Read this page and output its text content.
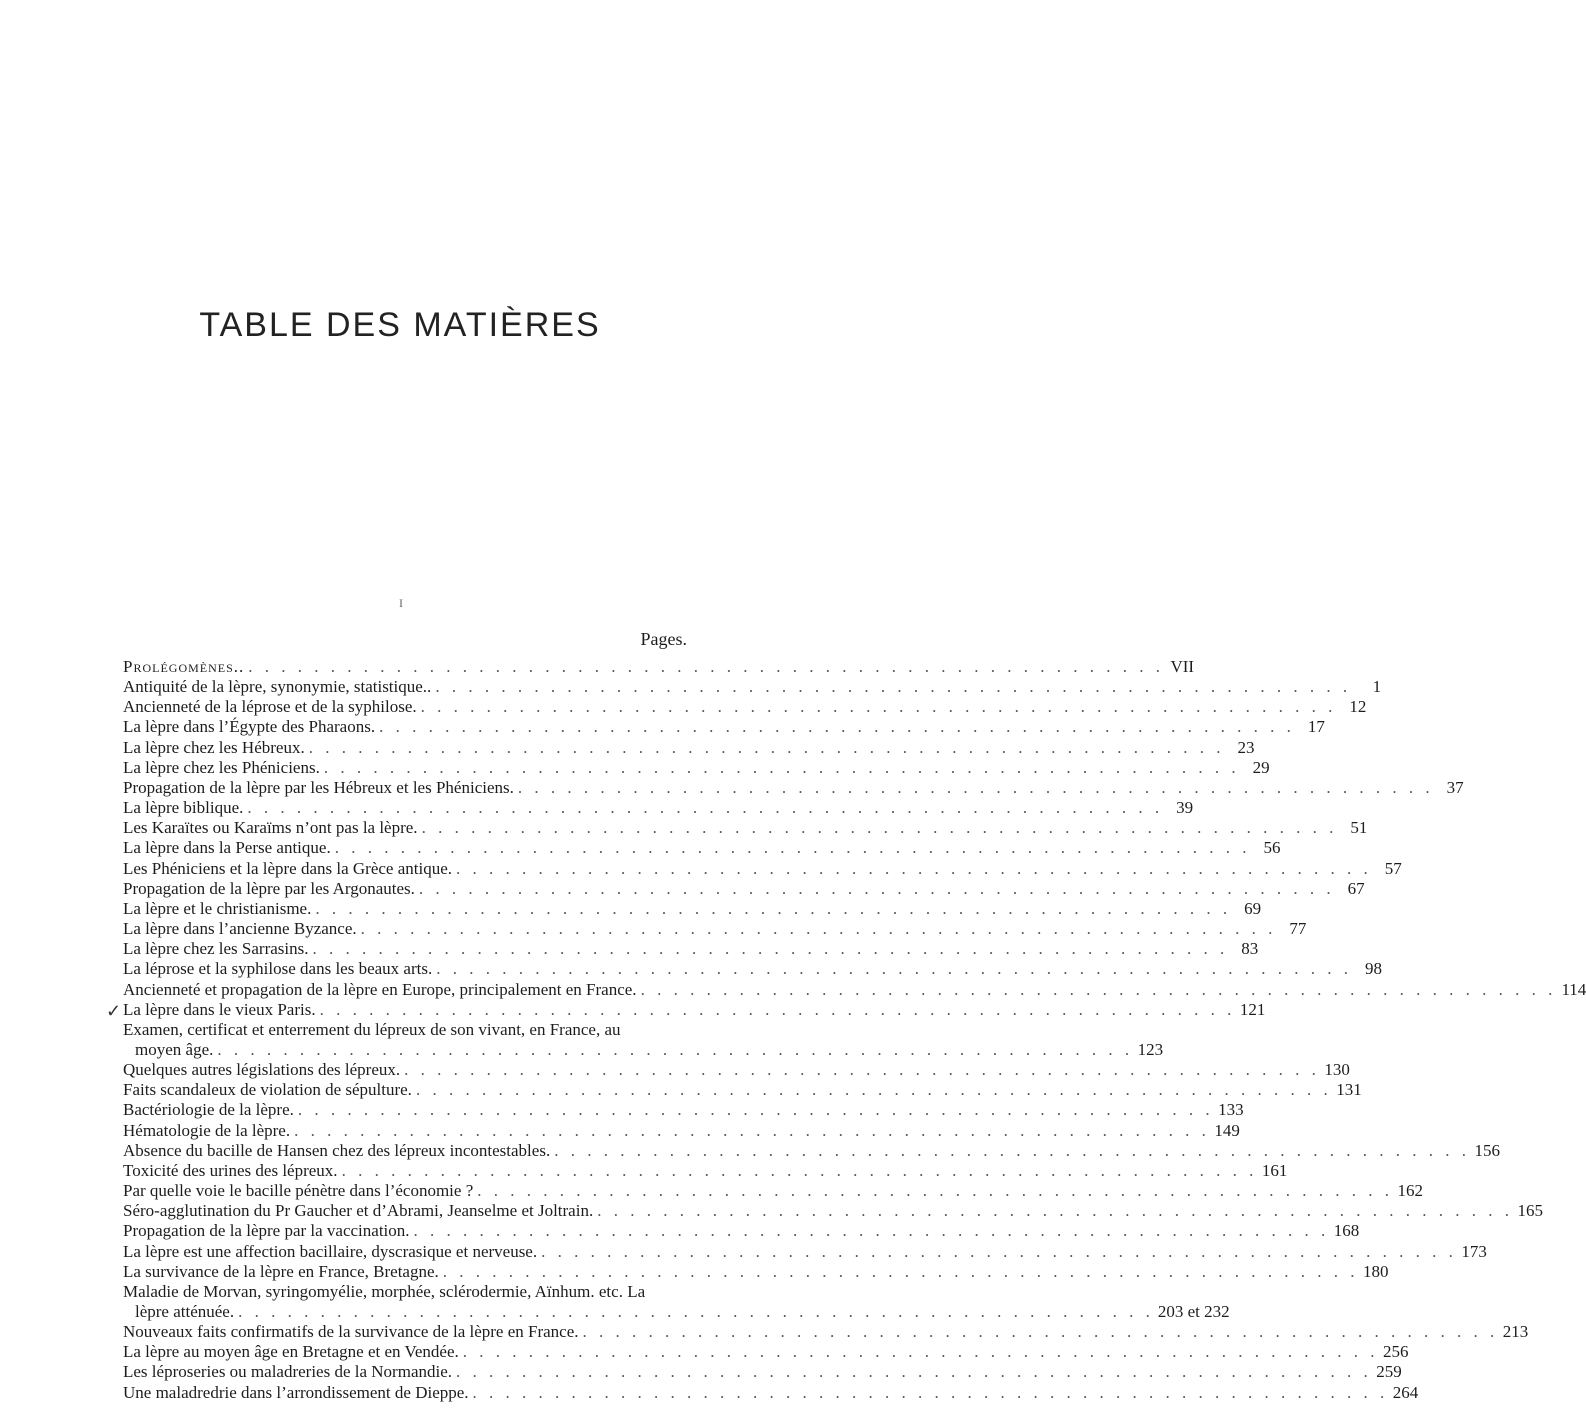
TABLE DES MATIÈRES
I
Pages.
✓
Prolégomènes.. . . .	VII
Antiquité de la lèpre, synonymie, statistique.. . . .	1
Ancienneté de la léprose et de la syphilose. . . .	12
La lèpre dans l’Égypte des Pharaons. . . .	17
La lèpre chez les Hébreux. . . .	23
La lèpre chez les Phéniciens. . . .	29
Propagation de la lèpre par les Hébreux et les Phéniciens. . . .	37
La lèpre biblique. . . .	39
Les Karaïtes ou Karaïms n’ont pas la lèpre. . . .	51
La lèpre dans la Perse antique. . . .	56
Les Phéniciens et la lèpre dans la Grèce antique. . . .	57
Propagation de la lèpre par les Argonautes. . . .	67
La lèpre et le christianisme. . . .	69
La lèpre dans l’ancienne Byzance. . . .	77
La lèpre chez les Sarrasins. . . .	83
La léprose et la syphilose dans les beaux arts. . . .	98
Ancienneté et propagation de la lèpre en Europe, principalement en France. . . .	114
La lèpre dans le vieux Paris. . . .	121
Examen, certificat et enterrement du lépreux de son vivant, en France, au
moyen âge. . . .	123
Quelques autres législations des lépreux. . . .	130
Faits scandaleux de violation de sépulture. . . .	131
Bactériologie de la lèpre. . . .	133
Hématologie de la lèpre. . . .	149
Absence du bacille de Hansen chez des lépreux incontestables. . . .	156
Toxicité des urines des lépreux. . . .	161
Par quelle voie le bacille pénètre dans l’économie ? . . .	162
Séro-agglutination du Pr Gaucher et d’Abrami, Jeanselme et Joltrain. . . .	165
Propagation de la lèpre par la vaccination. . . .	168
La lèpre est une affection bacillaire, dyscrasique et nerveuse. . . .	173
La survivance de la lèpre en France, Bretagne. . . .	180
Maladie de Morvan, syringomyélie, morphée, sclérodermie, Aïnhum. etc. La
lèpre atténuée. . . .	203 et 232
Nouveaux faits confirmatifs de la survivance de la lèpre en France. . . .	213
La lèpre au moyen âge en Bretagne et en Vendée. . . .	256
Les léproseries ou maladreries de la Normandie. . . .	259
Une maladredrie dans l’arrondissement de Dieppe. . . .	264
